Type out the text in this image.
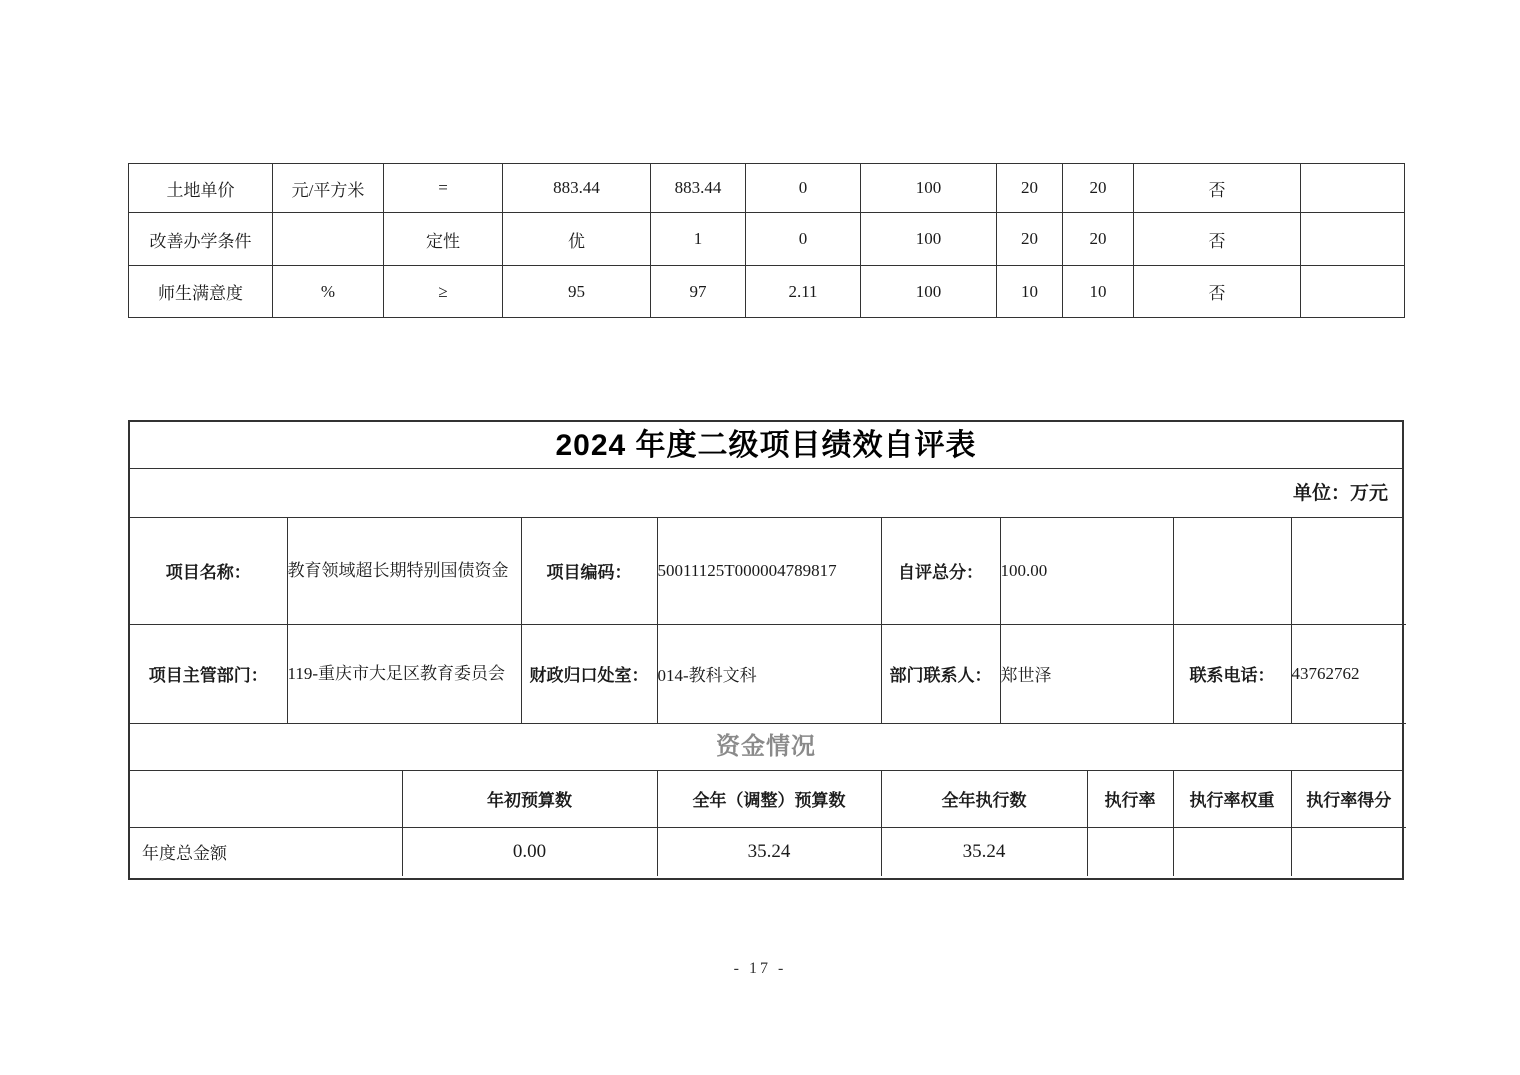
土地单价	元/平方米	=	883.44	883.44	0	100	20	20	否	
改善办学条件		定性	优	1	0	100	20	20	否	
师生满意度	%	≥	95	97	2.11	100	10	10	否	
2024 年度二级项目绩效自评表
单位：万元
项目名称：	教育领域超长期特别国债资金	项目编码：	50011125T000004789817	自评总分：	100.00		
项目主管部门：	119-重庆市大足区教育委员会	财政归口处室：	014-教科文科	部门联系人：	郑世泽	联系电话：	43762762
资金情况
	年初预算数	全年（调整）预算数	全年执行数	执行率	执行率权重	执行率得分
年度总金额	0.00	35.24	35.24			
- 17 -
